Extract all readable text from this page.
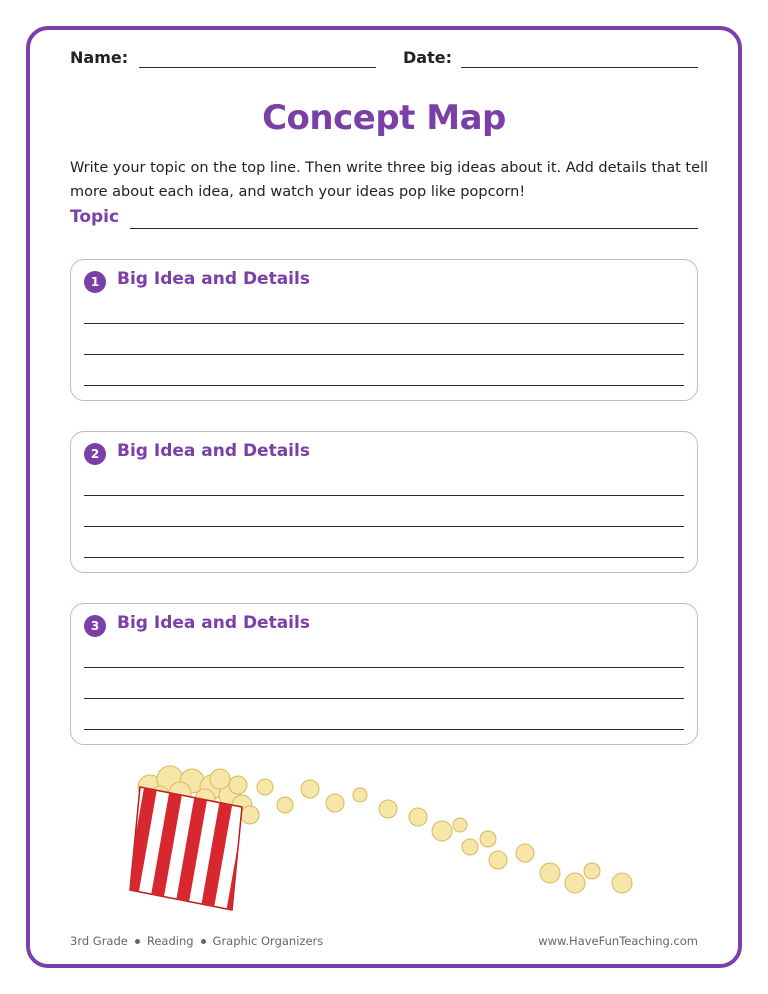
Name:	Date:
Concept Map
Write your topic on the top line. Then write three big ideas about it. Add details that tell more about each idea, and watch your ideas pop like popcorn!
Topic
1	Big Idea and Details
2	Big Idea and Details
3	Big Idea and Details
3rd Grade Reading Graphic Organizers	www.HaveFunTeaching.com
